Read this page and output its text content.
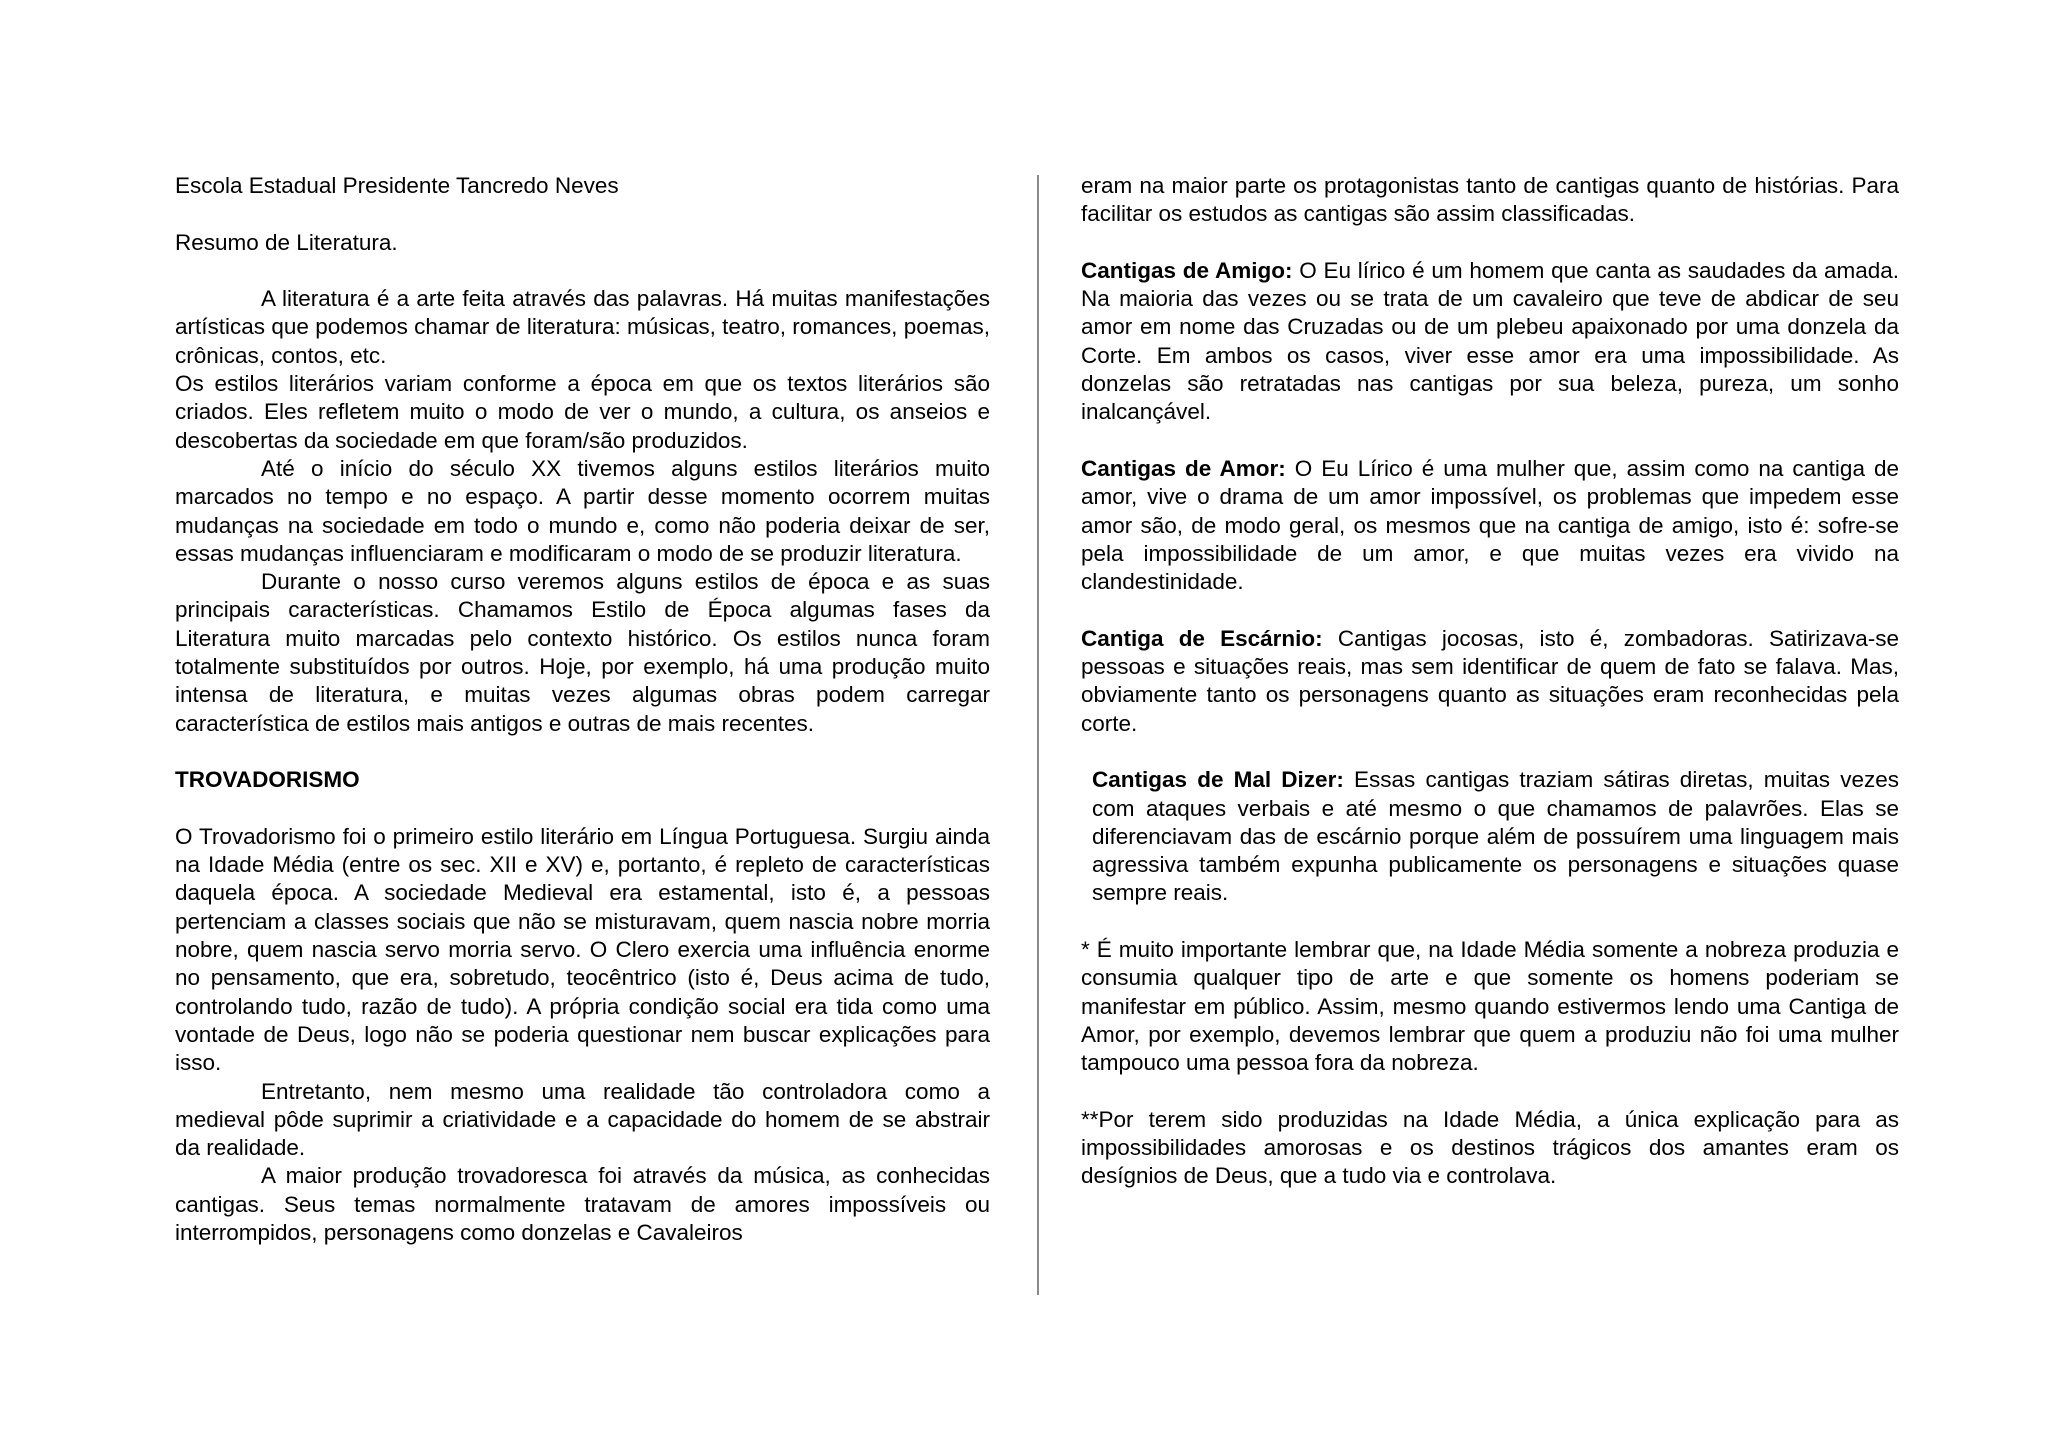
Escola Estadual Presidente Tancredo Neves

Resumo de Literatura.

A literatura é a arte feita através das palavras. Há muitas manifestações artísticas que podemos chamar de literatura: músicas, teatro, romances, poemas, crônicas, contos, etc.

Os estilos literários variam conforme a época em que os textos literários são criados. Eles refletem muito o modo de ver o mundo, a cultura, os anseios e descobertas da sociedade em que foram/são produzidos.

Até o início do século XX tivemos alguns estilos literários muito marcados no tempo e no espaço. A partir desse momento ocorrem muitas mudanças na sociedade em todo o mundo e, como não poderia deixar de ser, essas mudanças influenciaram e modificaram o modo de se produzir literatura.

Durante o nosso curso veremos alguns estilos de época e as suas principais características. Chamamos Estilo de Época algumas fases da Literatura muito marcadas pelo contexto histórico. Os estilos nunca foram totalmente substituídos por outros. Hoje, por exemplo, há uma produção muito intensa de literatura, e muitas vezes algumas obras podem carregar característica de estilos mais antigos e outras de mais recentes.

TROVADORISMO

O Trovadorismo foi o primeiro estilo literário em Língua Portuguesa. Surgiu ainda na Idade Média (entre os sec. XII e XV) e, portanto, é repleto de características daquela época. A sociedade Medieval era estamental, isto é, a pessoas pertenciam a classes sociais que não se misturavam, quem nascia nobre morria nobre, quem nascia servo morria servo. O Clero exercia uma influência enorme no pensamento, que era, sobretudo, teocêntrico (isto é, Deus acima de tudo, controlando tudo, razão de tudo). A própria condição social era tida como uma vontade de Deus, logo não se poderia questionar nem buscar explicações para isso.

Entretanto, nem mesmo uma realidade tão controladora como a medieval pôde suprimir a criatividade e a capacidade do homem de se abstrair da realidade.

A maior produção trovadoresca foi através da música, as conhecidas cantigas. Seus temas normalmente tratavam de amores impossíveis ou interrompidos, personagens como donzelas e Cavaleiros

eram na maior parte os protagonistas tanto de cantigas quanto de histórias. Para facilitar os estudos as cantigas são assim classificadas.

Cantigas de Amigo: O Eu lírico é um homem que canta as saudades da amada. Na maioria das vezes ou se trata de um cavaleiro que teve de abdicar de seu amor em nome das Cruzadas ou de um plebeu apaixonado por uma donzela da Corte. Em ambos os casos, viver esse amor era uma impossibilidade. As donzelas são retratadas nas cantigas por sua beleza, pureza, um sonho inalcançável.

Cantigas de Amor: O Eu Lírico é uma mulher que, assim como na cantiga de amor, vive o drama de um amor impossível, os problemas que impedem esse amor são, de modo geral, os mesmos que na cantiga de amigo, isto é: sofre-se pela impossibilidade de um amor, e que muitas vezes era vivido na clandestinidade.

Cantiga de Escárnio: Cantigas jocosas, isto é, zombadoras. Satirizava-se pessoas e situações reais, mas sem identificar de quem de fato se falava. Mas, obviamente tanto os personagens quanto as situações eram reconhecidas pela corte.

Cantigas de Mal Dizer: Essas cantigas traziam sátiras diretas, muitas vezes com ataques verbais e até mesmo o que chamamos de palavrões. Elas se diferenciavam das de escárnio porque além de possuírem uma linguagem mais agressiva também expunha publicamente os personagens e situações quase sempre reais.

* É muito importante lembrar que, na Idade Média somente a nobreza produzia e consumia qualquer tipo de arte e que somente os homens poderiam se manifestar em público. Assim, mesmo quando estivermos lendo uma Cantiga de Amor, por exemplo, devemos lembrar que quem a produziu não foi uma mulher tampouco uma pessoa fora da nobreza.

**Por terem sido produzidas na Idade Média, a única explicação para as impossibilidades amorosas e os destinos trágicos dos amantes eram os desígnios de Deus, que a tudo via e controlava.
